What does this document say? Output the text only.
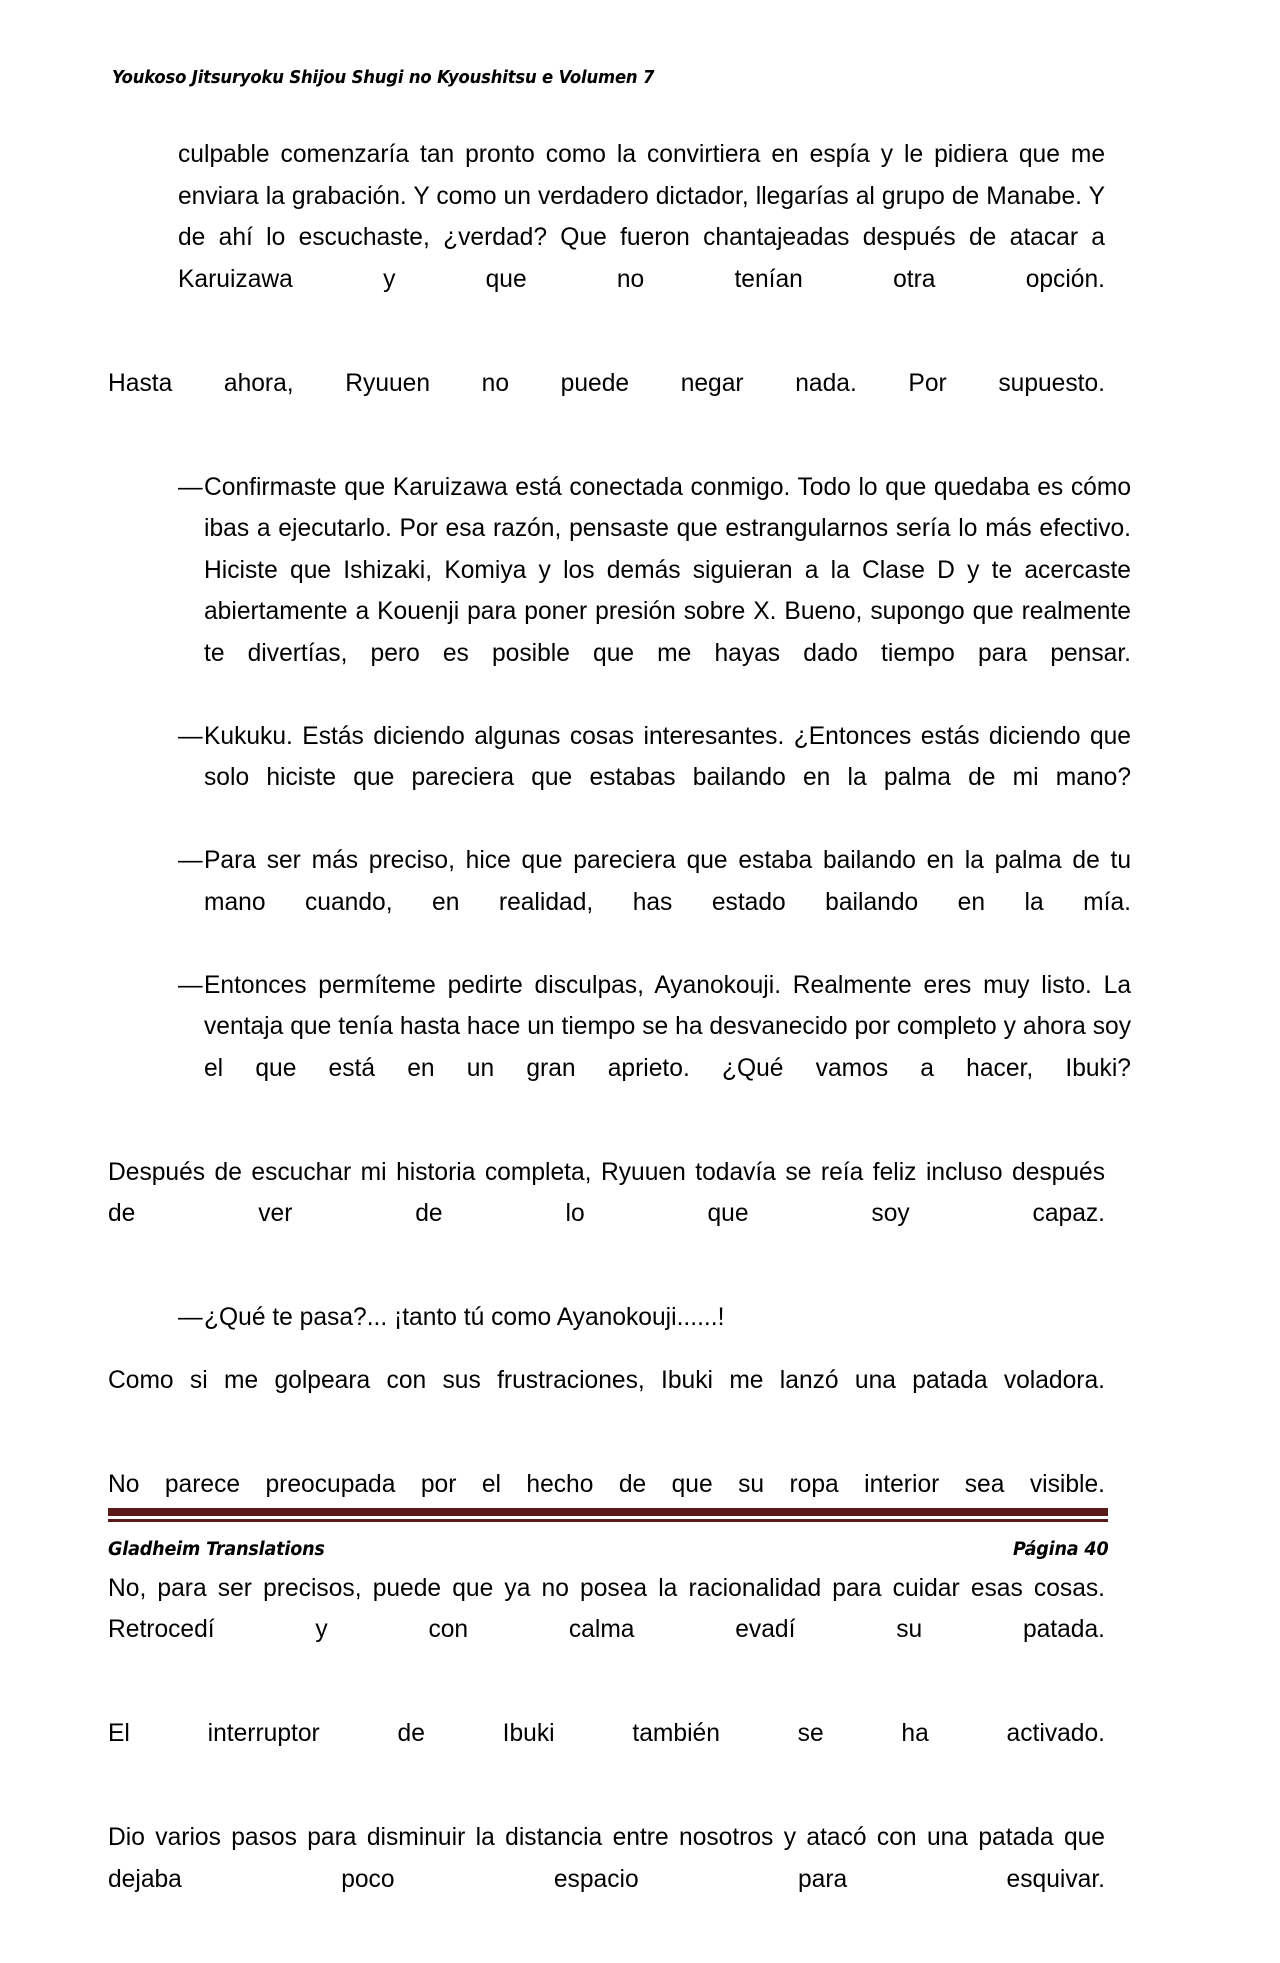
Youkoso Jitsuryoku Shijou Shugi no Kyoushitsu e Volumen 7

culpable comenzaría tan pronto como la convirtiera en espía y le pidiera que me enviara la grabación. Y como un verdadero dictador, llegarías al grupo de Manabe. Y de ahí lo escuchaste, ¿verdad? Que fueron chantajeadas después de atacar a Karuizawa y que no tenían otra opción.

Hasta ahora, Ryuuen no puede negar nada. Por supuesto.

— Confirmaste que Karuizawa está conectada conmigo. Todo lo que quedaba es cómo ibas a ejecutarlo. Por esa razón, pensaste que estrangularnos sería lo más efectivo. Hiciste que Ishizaki, Komiya y los demás siguieran a la Clase D y te acercaste abiertamente a Kouenji para poner presión sobre X. Bueno, supongo que realmente te divertías, pero es posible que me hayas dado tiempo para pensar.
— Kukuku. Estás diciendo algunas cosas interesantes. ¿Entonces estás diciendo que solo hiciste que pareciera que estabas bailando en la palma de mi mano?
— Para ser más preciso, hice que pareciera que estaba bailando en la palma de tu mano cuando, en realidad, has estado bailando en la mía.
— Entonces permíteme pedirte disculpas, Ayanokouji. Realmente eres muy listo. La ventaja que tenía hasta hace un tiempo se ha desvanecido por completo y ahora soy el que está en un gran aprieto. ¿Qué vamos a hacer, Ibuki?

Después de escuchar mi historia completa, Ryuuen todavía se reía feliz incluso después de ver de lo que soy capaz.

— ¿Qué te pasa?... ¡tanto tú como Ayanokouji......!

Como si me golpeara con sus frustraciones, Ibuki me lanzó una patada voladora.

No parece preocupada por el hecho de que su ropa interior sea visible.

No, para ser precisos, puede que ya no posea la racionalidad para cuidar esas cosas. Retrocedí y con calma evadí su patada.

El interruptor de Ibuki también se ha activado.

Dio varios pasos para disminuir la distancia entre nosotros y atacó con una patada que dejaba poco espacio para esquivar.

Gladheim Translations	Página 40
